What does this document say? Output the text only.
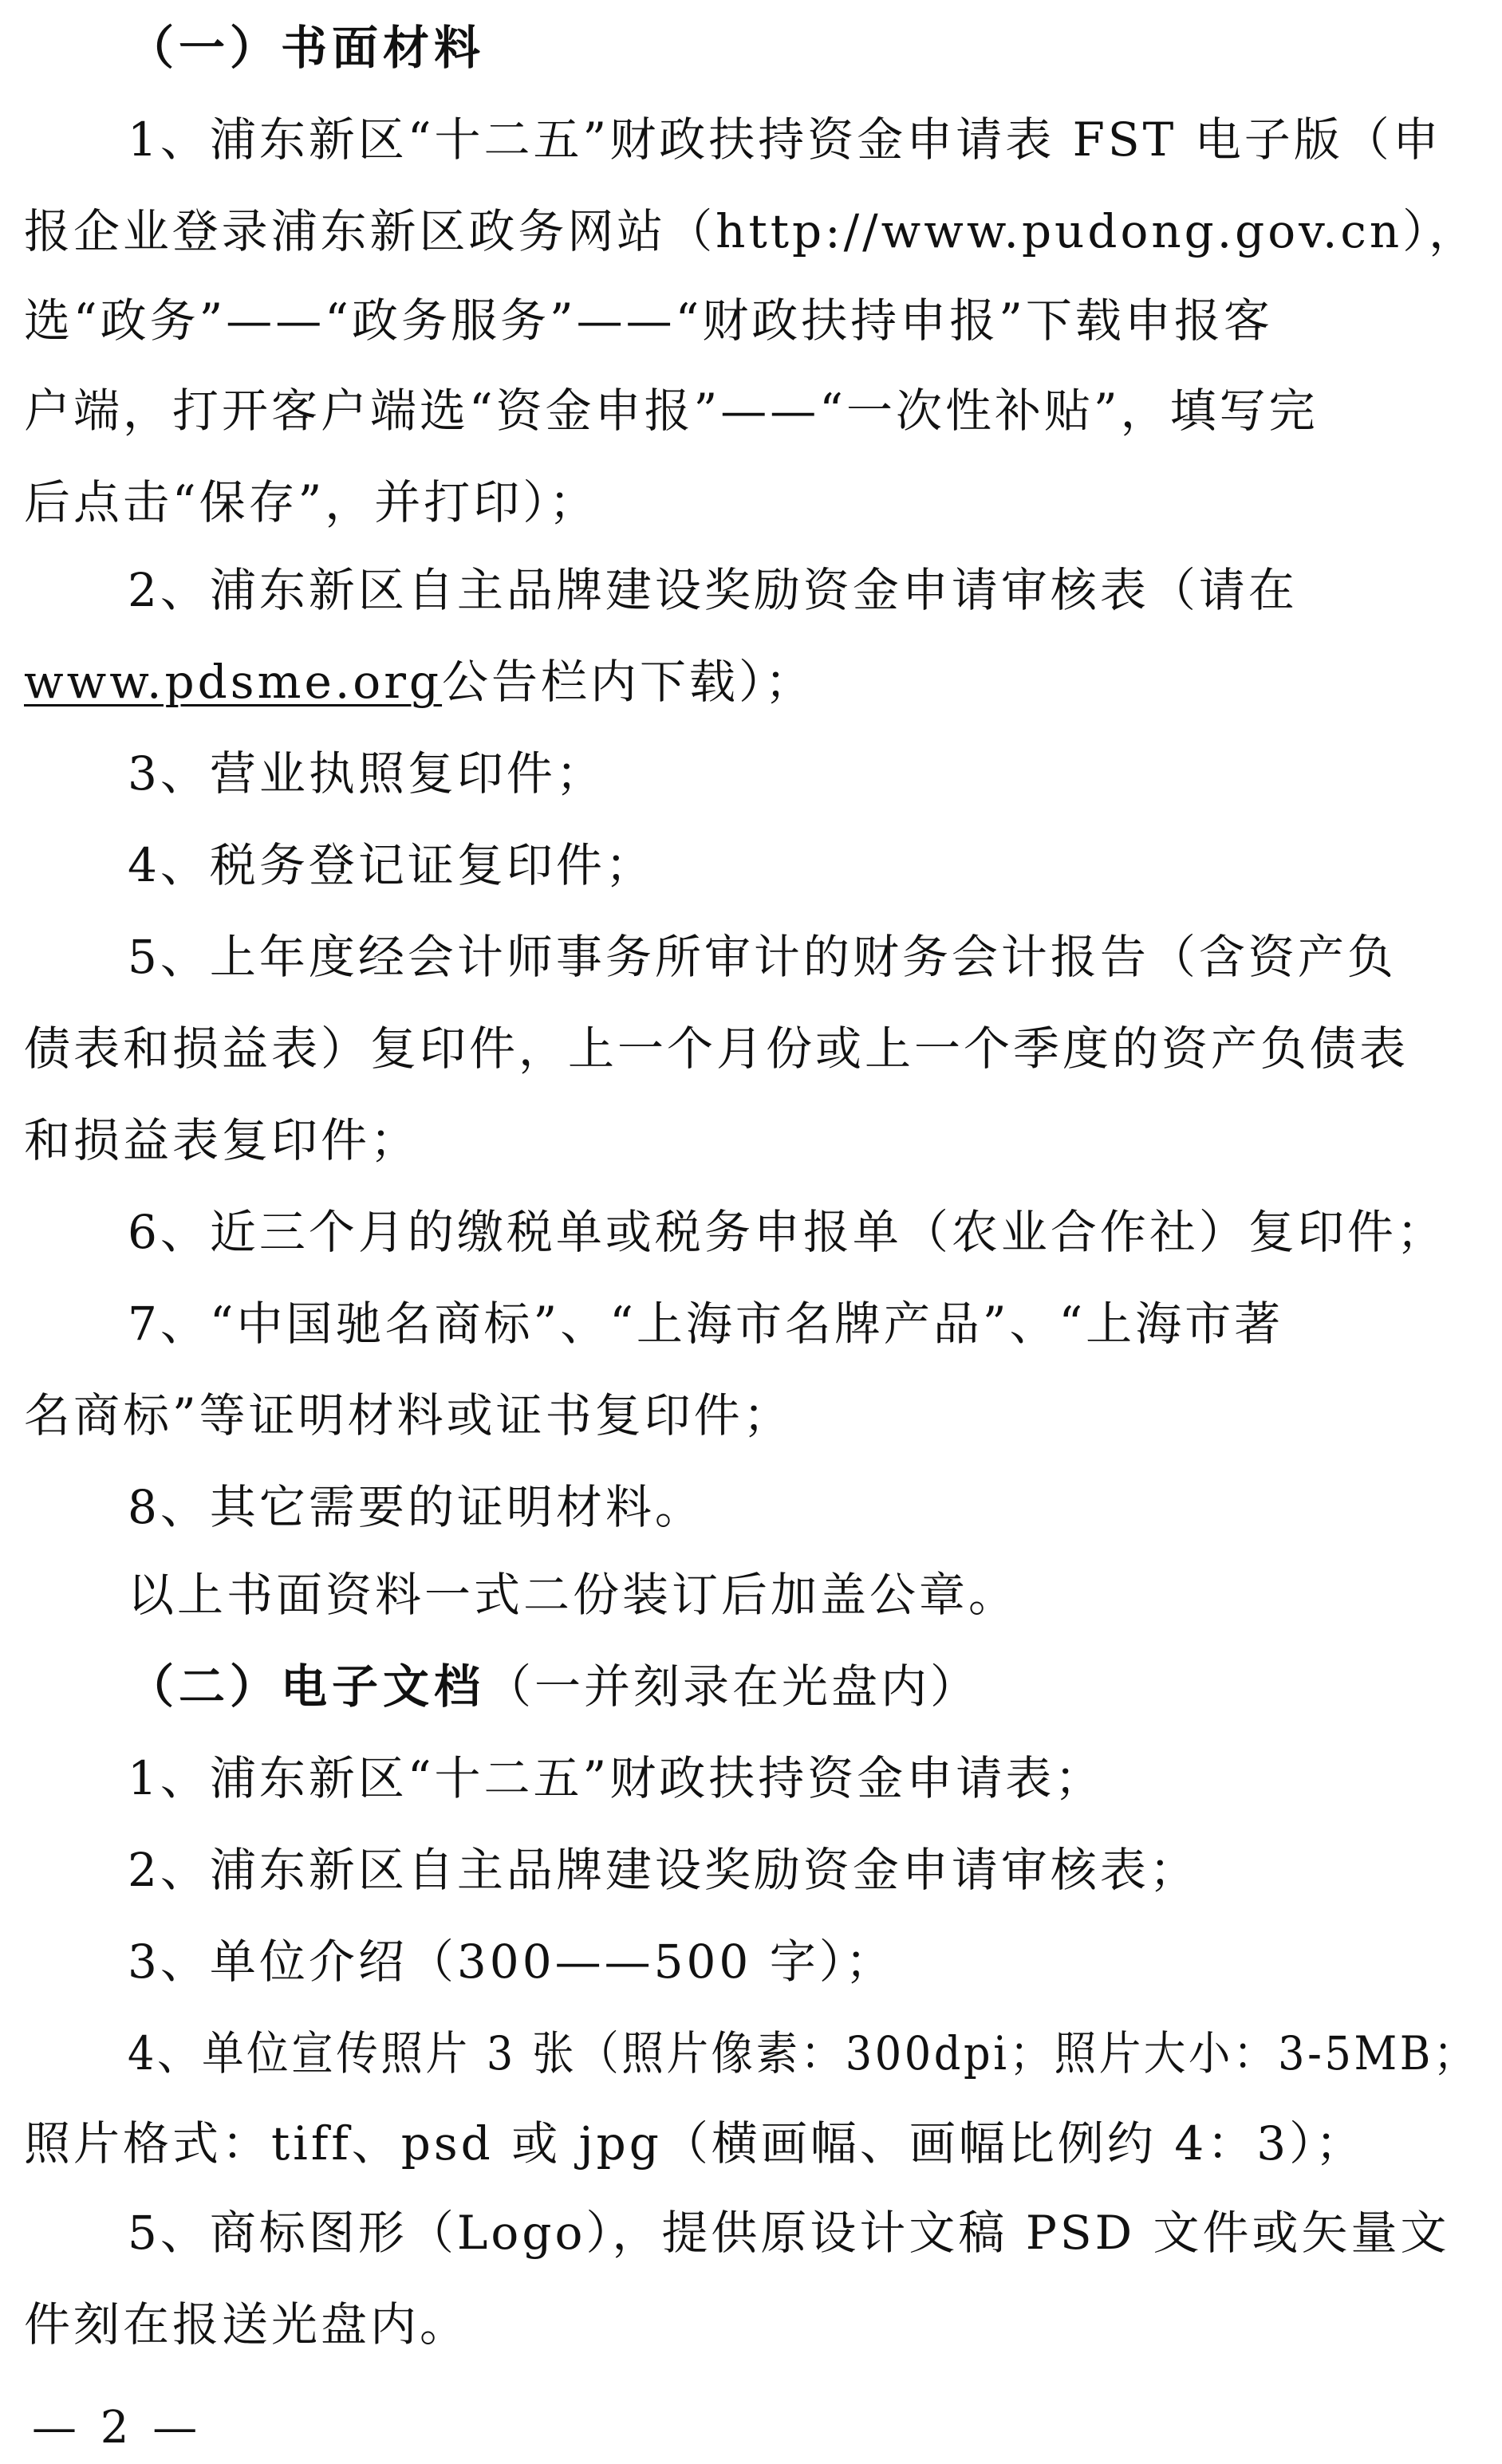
（一）书面材料
1、浦东新区“十二五”财政扶持资金申请表 FST 电子版（申
报企业登录浦东新区政务网站（http://www.pudong.gov.cn），
选“政务”——“政务服务”——“财政扶持申报”下载申报客
户端，打开客户端选“资金申报”——“一次性补贴”，填写完
后点击“保存”，并打印）；
2、浦东新区自主品牌建设奖励资金申请审核表（请在
www.pdsme.org公告栏内下载）；
3、营业执照复印件；
4、税务登记证复印件；
5、上年度经会计师事务所审计的财务会计报告（含资产负
债表和损益表）复印件，上一个月份或上一个季度的资产负债表
和损益表复印件；
6、近三个月的缴税单或税务申报单（农业合作社）复印件；
7、“中国驰名商标”、“上海市名牌产品”、“上海市著
名商标”等证明材料或证书复印件；
8、其它需要的证明材料。
以上书面资料一式二份装订后加盖公章。
（二）电子文档（一并刻录在光盘内）
1、浦东新区“十二五”财政扶持资金申请表；
2、浦东新区自主品牌建设奖励资金申请审核表；
3、单位介绍（300——500 字）；
4、单位宣传照片 3 张（照片像素：300dpi；照片大小：3-5MB；
照片格式：tiff、psd 或 jpg（横画幅、画幅比例约 4：3）；
5、商标图形（Logo），提供原设计文稿 PSD 文件或矢量文
件刻在报送光盘内。
— 2 —
